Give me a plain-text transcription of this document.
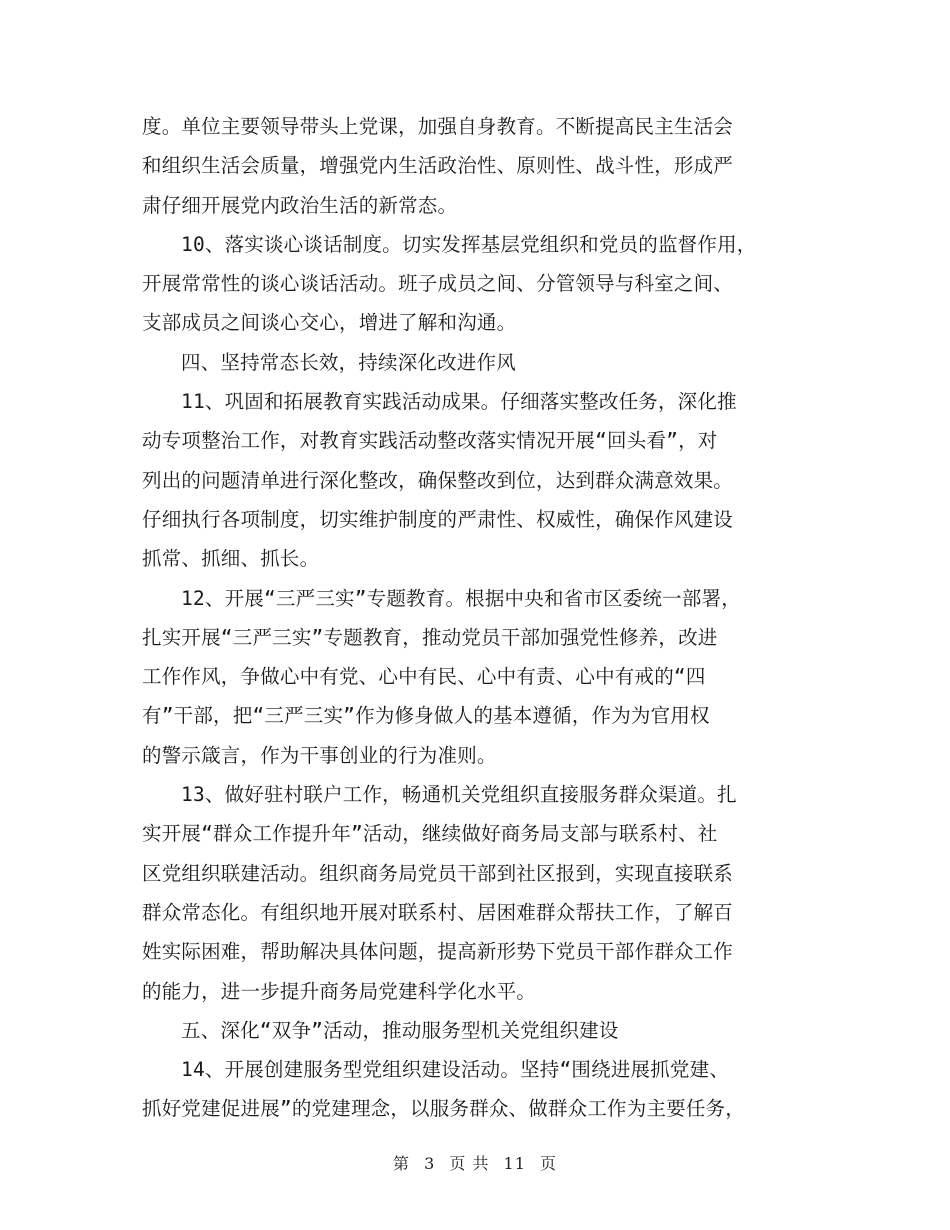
度。单位主要领导带头上党课，加强自身教育。不断提高民主生活会
和组织生活会质量，增强党内生活政治性、原则性、战斗性，形成严
肃仔细开展党内政治生活的新常态。
10、落实谈心谈话制度。切实发挥基层党组织和党员的监督作用，
开展常常性的谈心谈话活动。班子成员之间、分管领导与科室之间、
支部成员之间谈心交心，增进了解和沟通。
四、坚持常态长效，持续深化改进作风
11、巩固和拓展教育实践活动成果。仔细落实整改任务，深化推
动专项整治工作，对教育实践活动整改落实情况开展“回头看”，对
列出的问题清单进行深化整改，确保整改到位，达到群众满意效果。
仔细执行各项制度，切实维护制度的严肃性、权威性，确保作风建设
抓常、抓细、抓长。
12、开展“三严三实”专题教育。根据中央和省市区委统一部署，
扎实开展“三严三实”专题教育，推动党员干部加强党性修养，改进
工作作风，争做心中有党、心中有民、心中有责、心中有戒的“四
有”干部，把“三严三实”作为修身做人的基本遵循，作为为官用权
的警示箴言，作为干事创业的行为准则。
13、做好驻村联户工作，畅通机关党组织直接服务群众渠道。扎
实开展“群众工作提升年”活动，继续做好商务局支部与联系村、社
区党组织联建活动。组织商务局党员干部到社区报到，实现直接联系
群众常态化。有组织地开展对联系村、居困难群众帮扶工作，了解百
姓实际困难，帮助解决具体问题，提高新形势下党员干部作群众工作
的能力，进一步提升商务局党建科学化水平。
五、深化“双争”活动，推动服务型机关党组织建设
14、开展创建服务型党组织建设活动。坚持“围绕进展抓党建、
抓好党建促进展”的党建理念，以服务群众、做群众工作为主要任务，
第 3 页 共 11 页
